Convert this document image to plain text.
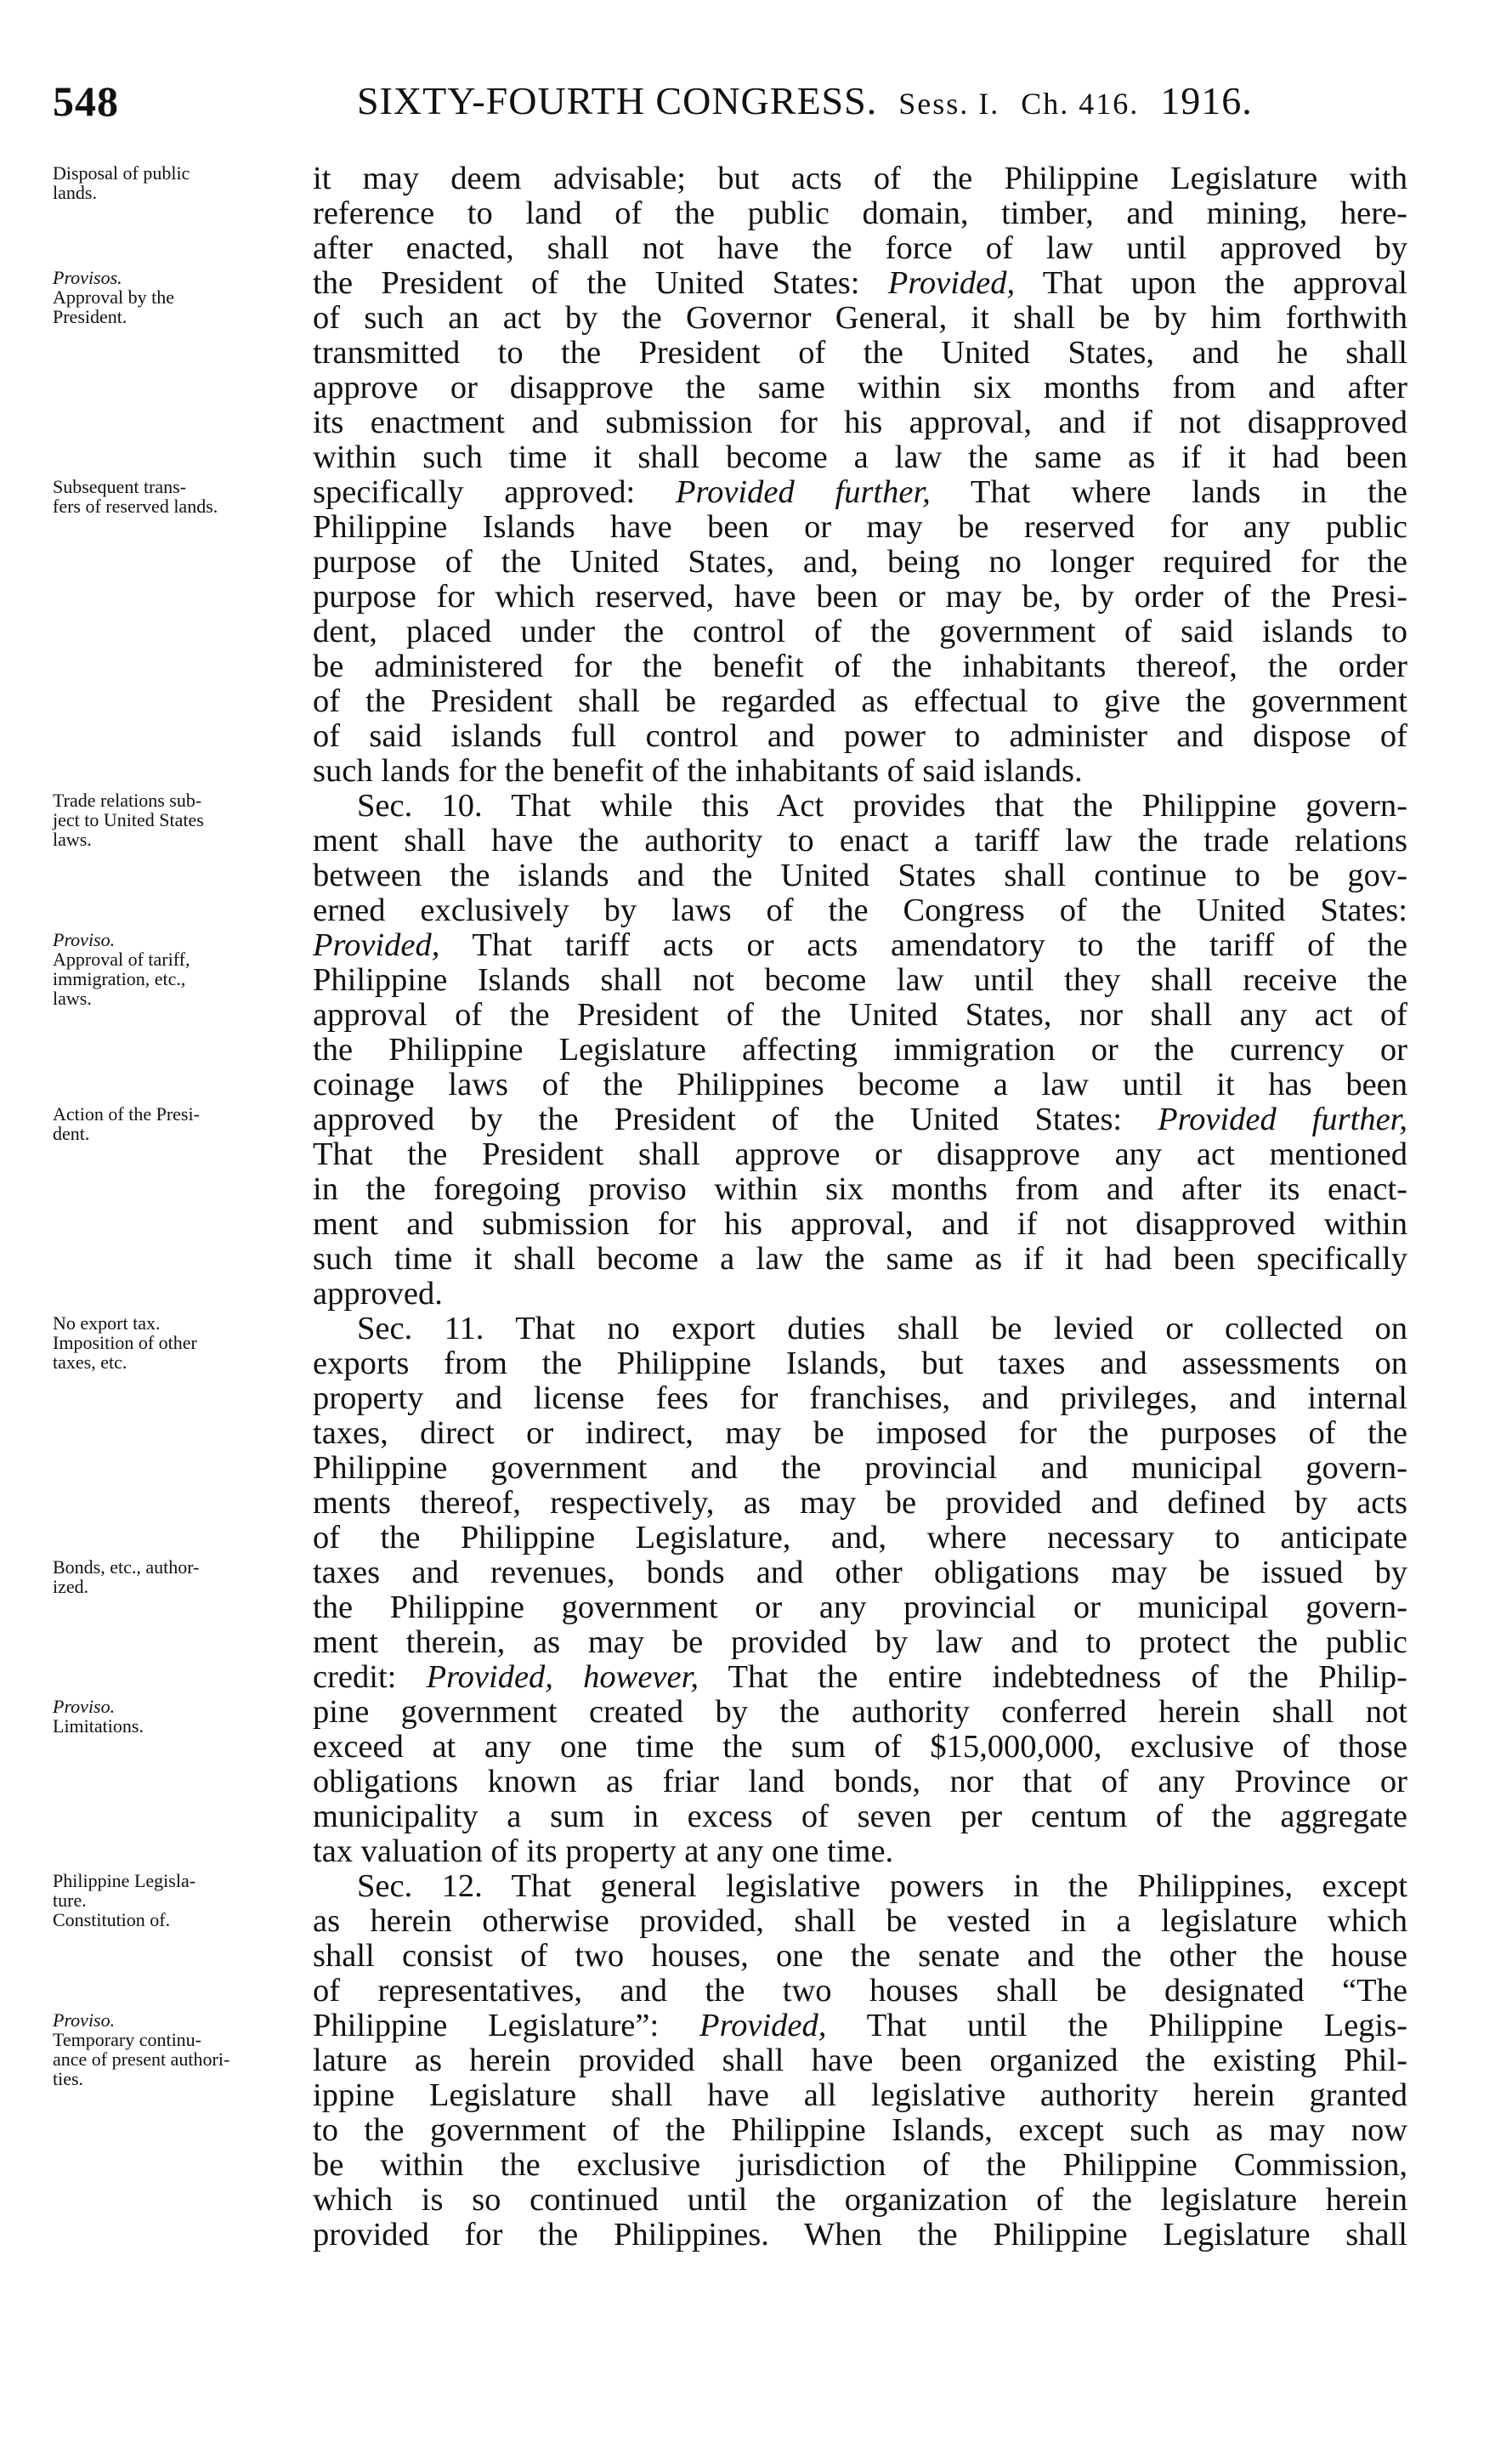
548	SIXTY-FOURTH CONGRESS. Sess. I. Ch. 416. 1916.
Disposal of public
lands.
Provisos.
Approval by the
President.
Subsequent trans-
fers of reserved lands.
Trade relations sub-
ject to United States
laws.
Proviso.
Approval of tariff,
immigration, etc.,
laws.
Action of the Presi-
dent.
No export tax.
Imposition of other
taxes, etc.
Bonds, etc., author-
ized.
Proviso.
Limitations.
Philippine Legisla-
ture.
Constitution of.
Proviso.
Temporary continu-
ance of present authori-
ties.
it may deem advisable; but acts of the Philippine Legislature with
reference to land of the public domain, timber, and mining, here-
after enacted, shall not have the force of law until approved by
the President of the United States: Provided, That upon the approval
of such an act by the Governor General, it shall be by him forthwith
transmitted to the President of the United States, and he shall
approve or disapprove the same within six months from and after
its enactment and submission for his approval, and if not disapproved
within such time it shall become a law the same as if it had been
specifically approved: Provided further, That where lands in the
Philippine Islands have been or may be reserved for any public
purpose of the United States, and, being no longer required for the
purpose for which reserved, have been or may be, by order of the Presi-
dent, placed under the control of the government of said islands to
be administered for the benefit of the inhabitants thereof, the order
of the President shall be regarded as effectual to give the government
of said islands full control and power to administer and dispose of
such lands for the benefit of the inhabitants of said islands.
Sec. 10. That while this Act provides that the Philippine govern-
ment shall have the authority to enact a tariff law the trade relations
between the islands and the United States shall continue to be gov-
erned exclusively by laws of the Congress of the United States:
Provided, That tariff acts or acts amendatory to the tariff of the
Philippine Islands shall not become law until they shall receive the
approval of the President of the United States, nor shall any act of
the Philippine Legislature affecting immigration or the currency or
coinage laws of the Philippines become a law until it has been
approved by the President of the United States: Provided further,
That the President shall approve or disapprove any act mentioned
in the foregoing proviso within six months from and after its enact-
ment and submission for his approval, and if not disapproved within
such time it shall become a law the same as if it had been specifically
approved.
Sec. 11. That no export duties shall be levied or collected on
exports from the Philippine Islands, but taxes and assessments on
property and license fees for franchises, and privileges, and internal
taxes, direct or indirect, may be imposed for the purposes of the
Philippine government and the provincial and municipal govern-
ments thereof, respectively, as may be provided and defined by acts
of the Philippine Legislature, and, where necessary to anticipate
taxes and revenues, bonds and other obligations may be issued by
the Philippine government or any provincial or municipal govern-
ment therein, as may be provided by law and to protect the public
credit: Provided, however, That the entire indebtedness of the Philip-
pine government created by the authority conferred herein shall not
exceed at any one time the sum of $15,000,000, exclusive of those
obligations known as friar land bonds, nor that of any Province or
municipality a sum in excess of seven per centum of the aggregate
tax valuation of its property at any one time.
Sec. 12. That general legislative powers in the Philippines, except
as herein otherwise provided, shall be vested in a legislature which
shall consist of two houses, one the senate and the other the house
of representatives, and the two houses shall be designated “The
Philippine Legislature”: Provided, That until the Philippine Legis-
lature as herein provided shall have been organized the existing Phil-
ippine Legislature shall have all legislative authority herein granted
to the government of the Philippine Islands, except such as may now
be within the exclusive jurisdiction of the Philippine Commission,
which is so continued until the organization of the legislature herein
provided for the Philippines. When the Philippine Legislature shall
